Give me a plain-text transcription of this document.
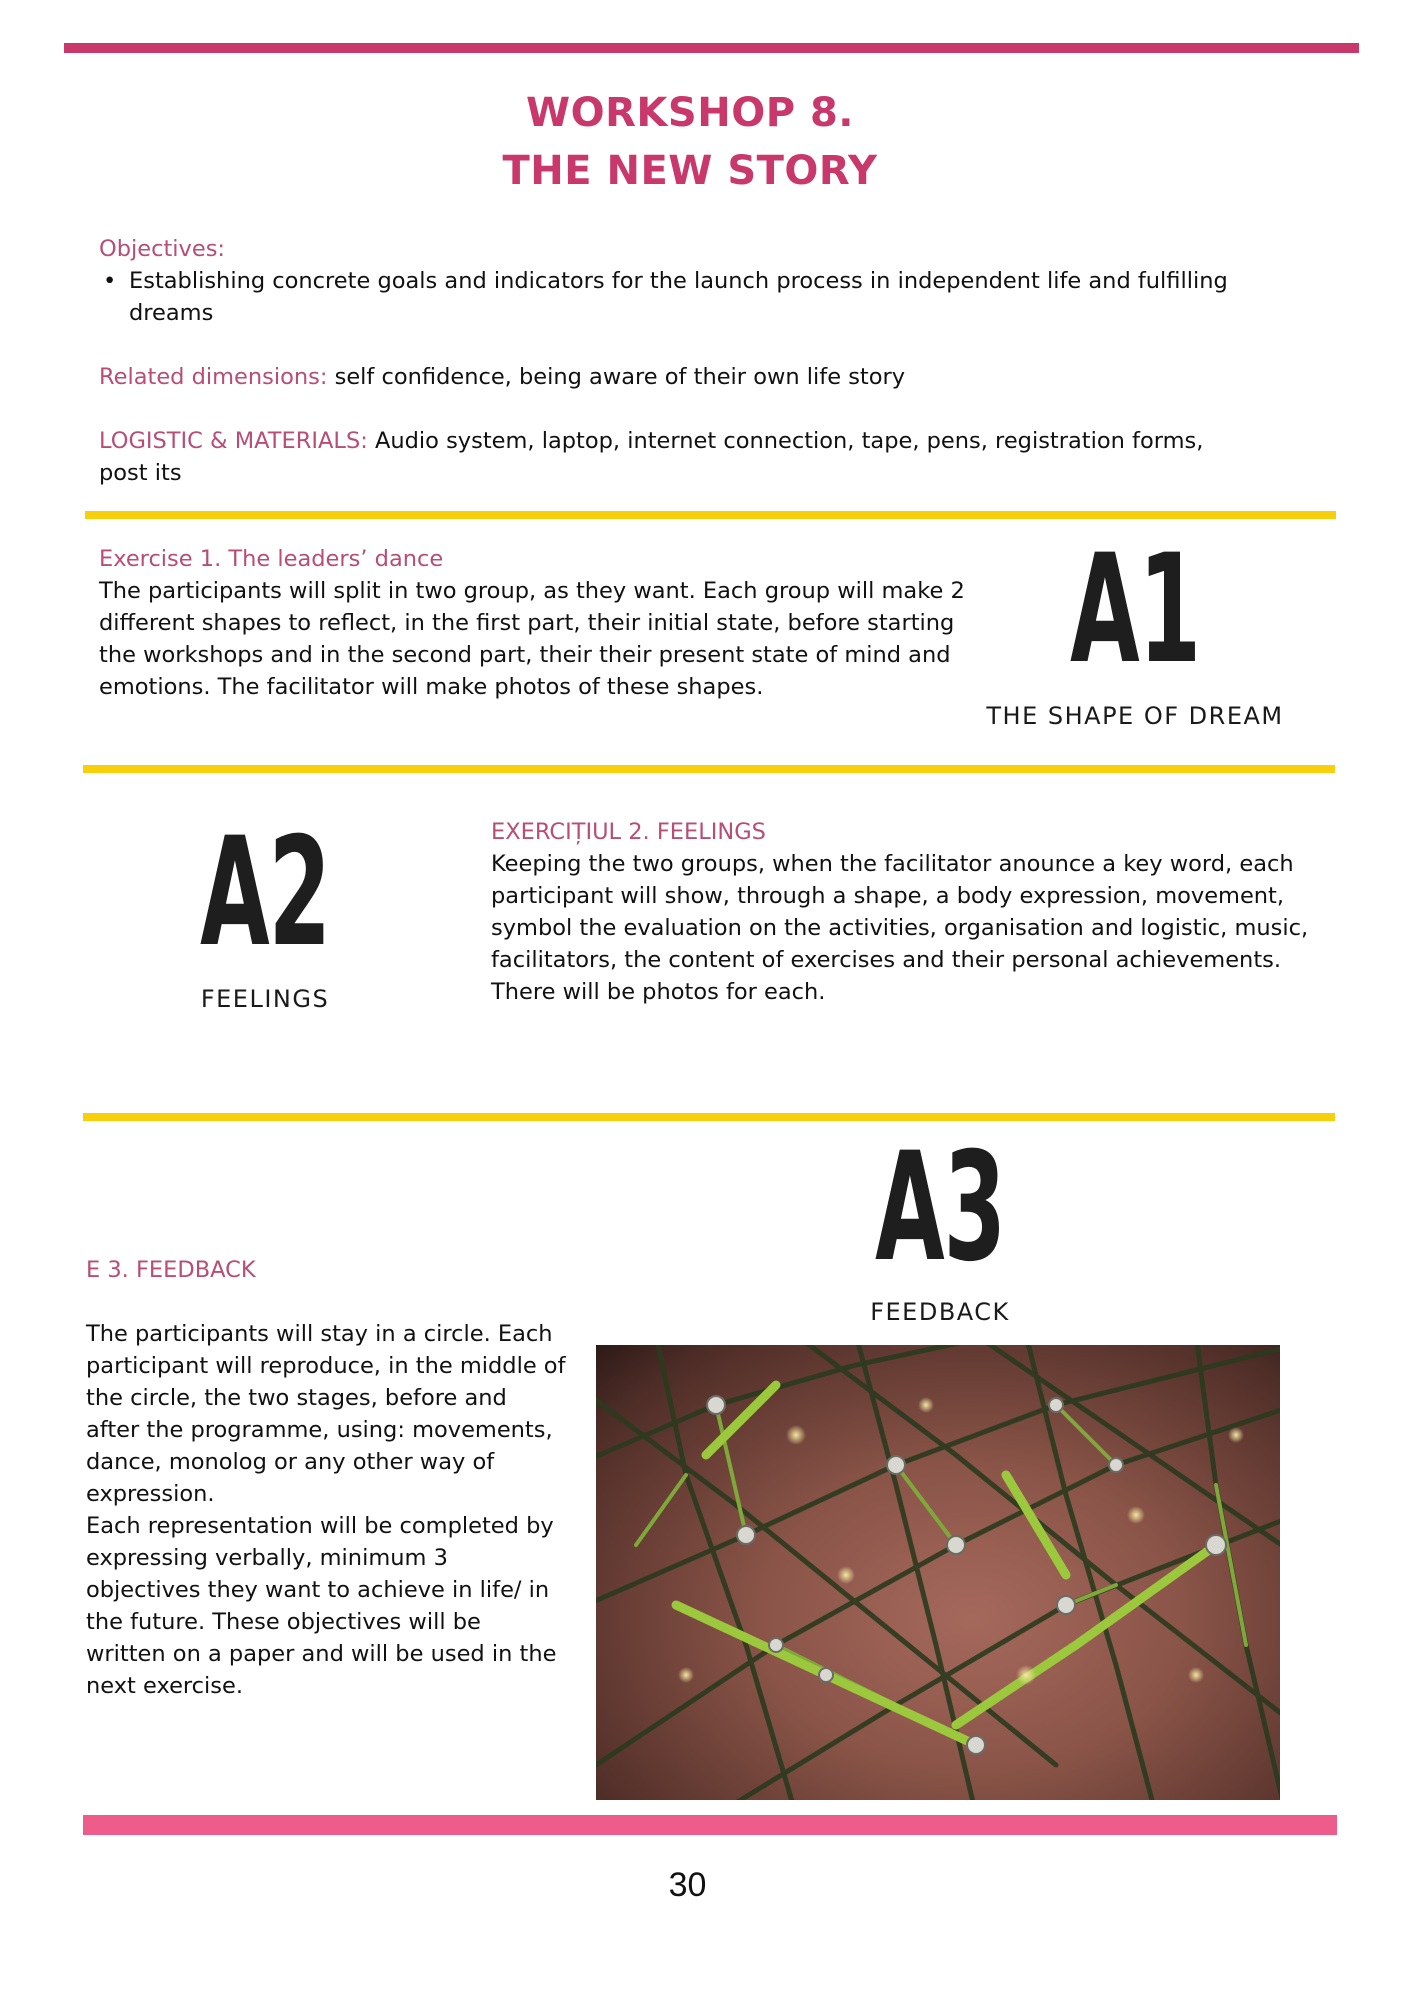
WORKSHOP 8.
THE NEW STORY
Objectives:
• Establishing concrete goals and indicators for the launch process in independent life and fulfilling dreams
Related dimensions: self confidence, being aware of their own life story
LOGISTIC & MATERIALS: Audio system, laptop, internet connection, tape, pens, registration forms, post its
Exercise 1. The leaders’ dance
The participants will split in two group, as they want. Each group will make 2 different shapes to reflect, in the first part, their initial state, before starting the workshops and in the second part, their their present state of mind and emotions. The facilitator will make photos of these shapes.	A1
THE SHAPE OF DREAM
A2
FEELINGS
EXERCIȚIUL 2. FEELINGS
Keeping the two groups, when the facilitator anounce a key word, each participant will show, through a shape, a body expression, movement, symbol the evaluation on the activities, organisation and logistic, music, facilitators, the content of exercises and their personal achievements. There will be photos for each.
A3
FEEDBACK

E 3. FEEDBACK

The participants will stay in a circle. Each participant will reproduce, in the middle of the circle, the two stages, before and after the programme, using: movements, dance, monolog or any other way of expression.
Each representation will be completed by expressing verbally, minimum 3 objectives they want to achieve in life/ in the future. These objectives will be written on a paper and will be used in the next exercise.

30
